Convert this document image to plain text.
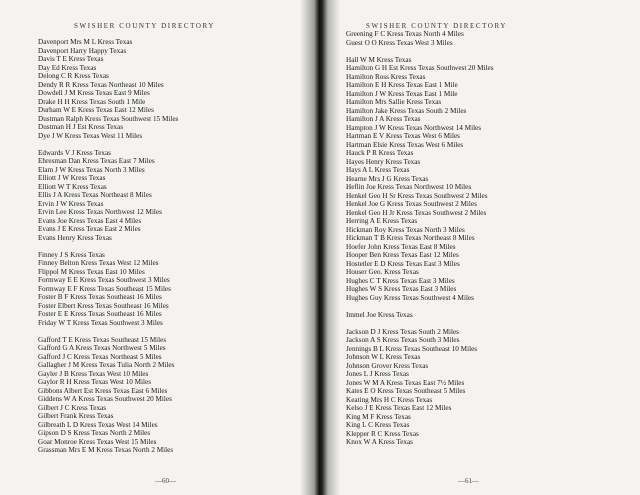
SWISHER COUNTY DIRECTORY
Davenport Mrs M L Kress Texas
Davenport Harry Happy Texas
Davis T E Kress Texas
Day Ed Kress Texas
Delong C R Kress Texas
Dendy R R Kress Texas Northeast 10 Miles
Dowdell J M Kress Texas East 9 Miles
Drake H H Kress Texas South 1 Mile
Durham W E Kress Texas East 12 Miles
Dustman Ralph Kress Texas Southwest 15 Miles
Dustman H J Est Kress Texas
Dye J W Kress Texas West 11 Miles
Edwards V J Kress Texas
Ehresman Dan Kress Texas East 7 Miles
Elam J W Kress Texas North 3 Miles
Elliott J W Kress Texas
Elliott W T Kress Texas
Ellis J A Kress Texas Northeast 8 Miles
Ervin J W Kress Texas
Ervin Lee Kress Texas Northwest 12 Miles
Evans Joe Kress Texas East 4 Miles
Evans J E Kress Texas East 2 Miles
Evans Henry Kress Texas
Finney J S Kress Texas
Finney Belton Kress Texas West 12 Miles
Flippol M Kress Texas East 10 Miles
Formway E E Kress Texas Southwest 3 Miles
Formway E F Kress Texas Southeast 15 Miles
Foster B F Kress Texas Southeast 16 Miles
Foster Elbert Kress Texas Southeast 16 Miles
Foster E E Kress Texas Southeast 16 Miles
Friday W T Kress Texas Southwest 3 Miles
Gafford T E Kress Texas Southeast 15 Miles
Gafford G A Kress Texas Northwest 5 Miles
Gafford J C Kress Texas Northeast 5 Miles
Gallagher J M Kress Texas Tulia North 2 Miles
Gayler J B Kress Texas West 10 Miles
Gaylor R H Kress Texas West 10 Miles
Gibbons Albert Est Kress Texas East 6 Miles
Giddens W A Kress Texas Southwest 20 Miles
Gilbert J C Kress Texas
Gilbert Frank Kress Texas
Gilbreath L D Kress Texas West 14 Miles
Gipson D S Kress Texas North 2 Miles
Goar Monroe Kress Texas West 15 Miles
Grassman Mrs E M Kress Texas North 2 Miles
—60—
SWISHER COUNTY DIRECTORY
Greening F C Kress Texas North 4 Miles
Guest O O Kress Texas West 3 Miles
Hall W M Kress Texas
Hamilton G H Est Kress Texas Southwest 20 Miles
Hamilton Ross Kress Texas
Hamilton E H Kress Texas East 1 Mile
Hamilton J W Kress Texas East 1 Mile
Hamilton Mrs Sallie Kress Texas
Hamilton Jake Kress Texas South 2 Miles
Hamilton J A Kress Texas
Hampton J W Kress Texas Northwest 14 Miles
Hartman E V Kress Texas West 6 Miles
Hartman Elsie Kress Texas West 6 Miles
Hauck P R Kress Texas
Hayes Henry Kress Texas
Hays A L Kress Texas
Hearne Mrs J G Kress Texas
Heflin Joe Kress Texas Northwest 10 Miles
Henkel Geo H Sr Kress Texas Southwest 2 Miles
Henkel Joe G Kress Texas Southwest 2 Miles
Henkel Geo H Jr Kress Texas Southwest 2 Miles
Herring A E Kress Texas
Hickman Roy Kress Texas North 3 Miles
Hickman T B Kress Texas Northeast 8 Miles
Hoefer John Kress Texas East 8 Miles
Hooper Ben Kress Texas East 12 Miles
Hostetler E D Kress Texas East 3 Miles
Houser Geo. Kress Texas
Hughes C T Kress Texas East 3 Miles
Hughes W S Kress Texas East 3 Miles
Hughes Guy Kress Texas Southwest 4 Miles
Immel Joe Kress Texas
Jackson D J Kress Texas South 2 Miles
Jackson A S Kress Texas South 3 Miles
Jennings B L Kress Texas Southeast 10 Miles
Johnson W L Kress Texas
Johnson Grover Kress Texas
Jones L J Kress Texas
Jones W M A Kress Texas East 7½ Miles
Kates E O Kress Texas Southeast 5 Miles
Keating Mrs H C Kress Texas
Kelso J E Kress Texas East 12 Miles
King M F Kress Texas
King L C Kress Texas
Klepper R C Kress Texas
Knox W A Kress Texas
—61—
